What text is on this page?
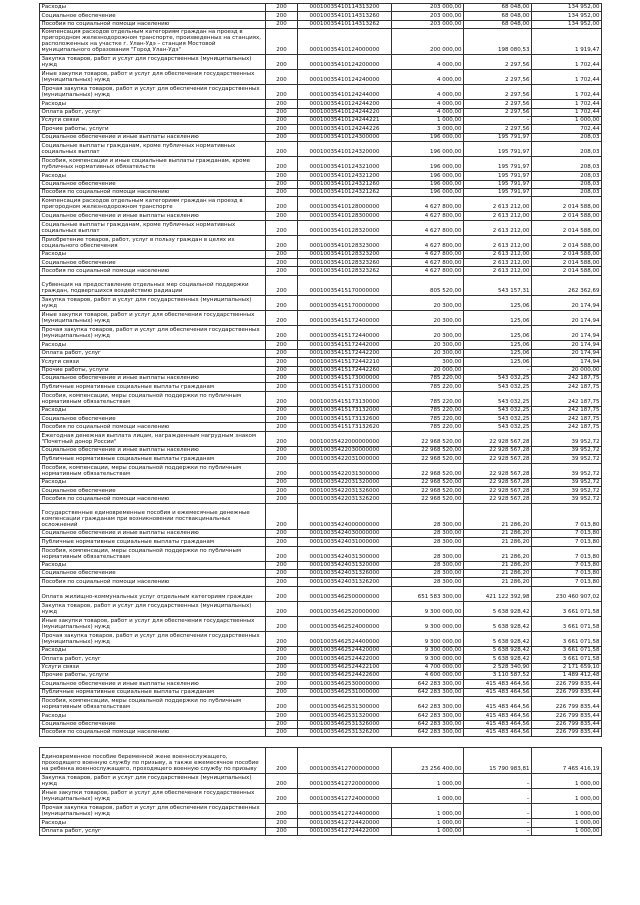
Расходы	200	00010035410114313200	203 000,00	68 048,00	134 952,00
Социальное обеспечение	200	00010035410114313260	203 000,00	68 048,00	134 952,00
Пособия по социальной помощи населению	200	00010035410114313262	203 000,00	68 048,00	134 952,00
Компенсация расходов отдельным категориям граждан на проезд в пригородном железнодорожном транспорте, произведенных на станциях, расположенных на участке г. Улан-Удэ – станция Мостовой муниципального образования "Город Улан-Удэ"	200	00010035410124000000	200 000,00	198 080,53	1 919,47
Закупка товаров, работ и услуг для государственных (муниципальных) нужд	200	00010035410124200000	4 000,00	2 297,56	1 702,44
Иные закупки товаров, работ и услуг для обеспечения государственных (муниципальных) нужд	200	00010035410124240000	4 000,00	2 297,56	1 702,44
Прочая закупка товаров, работ и услуг для обеспечения государственных (муниципальных) нужд	200	00010035410124244000	4 000,00	2 297,56	1 702,44
Расходы	200	00010035410124244200	4 000,00	2 297,56	1 702,44
Оплата работ, услуг	200	00010035410124244220	4 000,00	2 297,56	1 702,44
Услуги связи	200	00010035410124244221	1 000,00	–	1 000,00
Прочие работы, услуги	200	00010035410124244226	3 000,00	2 297,56	702,44
Социальное обеспечение и иные выплаты населению	200	00010035410124300000	196 000,00	195 791,97	208,03
Социальные выплаты гражданам, кроме публичных нормативных социальных выплат	200	00010035410124320000	196 000,00	195 791,97	208,03
Пособия, компенсации и иные социальные выплаты гражданам, кроме публичных нормативных обязательств	200	00010035410124321000	196 000,00	195 791,97	208,03
Расходы	200	00010035410124321200	196 000,00	195 791,97	208,03
Социальное обеспечение	200	00010035410124321260	196 000,00	195 791,97	208,03
Пособия по социальной помощи населению	200	00010035410124321262	196 000,00	195 791,97	208,03
Компенсация расходов отдельным категориям граждан на проезд в пригородном железнодорожном транспорте	200	00010035410128000000	4 627 800,00	2 613 212,00	2 014 588,00
Социальное обеспечение и иные выплаты населению	200	00010035410128300000	4 627 800,00	2 613 212,00	2 014 588,00
Социальные выплаты гражданам, кроме публичных нормативных социальных выплат	200	00010035410128320000	4 627 800,00	2 613 212,00	2 014 588,00
Приобретение товаров, работ, услуг в пользу граждан в целях их социального обеспечения	200	00010035410128323000	4 627 800,00	2 613 212,00	2 014 588,00
Расходы	200	00010035410128323200	4 627 800,00	2 613 212,00	2 014 588,00
Социальное обеспечение	200	00010035410128323260	4 627 800,00	2 613 212,00	2 014 588,00
Пособия по социальной помощи населению	200	00010035410128323262	4 627 800,00	2 613 212,00	2 014 588,00
Субвенция на предоставление отдельных мер социальной поддержки граждан, подвергшихся воздействию радиации	200	00010035415170000000	805 520,00	543 157,31	262 362,69
Закупка товаров, работ и услуг для государственных (муниципальных) нужд	200	00010035415170000000	20 300,00	125,06	20 174,94
Иные закупки товаров, работ и услуг для обеспечения государственных (муниципальных) нужд	200	00010035415172400000	20 300,00	125,06	20 174,94
Прочая закупка товаров, работ и услуг для обеспечения государственных (муниципальных) нужд	200	00010035415172440000	20 300,00	125,06	20 174,94
Расходы	200	00010035415172442000	20 300,00	125,06	20 174,94
Оплата работ, услуг	200	00010035415172442200	20 300,00	125,06	20 174,94
Услуги связи	200	00010035415172442210	300,00	125,06	174,94
Прочие работы, услуги	200	00010035415172442260	20 000,00	–	20 000,00
Социальное обеспечение и иные выплаты населению	200	00010035415173000000	785 220,00	543 032,25	242 187,75
Публичные нормативные социальные выплаты гражданам	200	00010035415173100000	785 220,00	543 032,25	242 187,75
Пособия, компенсации, меры социальной поддержки по публичным нормативным обязательствам	200	00010035415173130000	785 220,00	543 032,25	242 187,75
Расходы	200	00010035415173132000	785 220,00	543 032,25	242 187,75
Социальное обеспечение	200	00010035415173132600	785 220,00	543 032,25	242 187,75
Пособия по социальной помощи населению	200	00010035415173132620	785 220,00	543 032,25	242 187,75
Ежегодная денежная выплата лицам, награжденным нагрудным знаком "Почетный донор России"	200	00010035422000000000	22 968 520,00	22 928 567,28	39 952,72
Социальное обеспечение и иные выплаты населению	200	00010035422030000000	22 968 520,00	22 928 567,28	39 952,72
Публичные нормативные социальные выплаты гражданам	200	00010035422031000000	22 968 520,00	22 928 567,28	39 952,72
Пособия, компенсации, меры социальной поддержки по публичным нормативным обязательствам	200	00010035422031300000	22 968 520,00	22 928 567,28	39 952,72
Расходы	200	00010035422031320000	22 968 520,00	22 928 567,28	39 952,72
Социальное обеспечение	200	00010035422031326000	22 968 520,00	22 928 567,28	39 952,72
Пособия по социальной помощи населению	200	00010035422031326200	22 968 520,00	22 928 567,28	39 952,72
Государственные единовременные пособия и ежемесячные денежные компенсации гражданам при возникновении поствакцинальных осложнений	200	00010035424000000000	28 300,00	21 286,20	7 013,80
Социальное обеспечение и иные выплаты населению	200	00010035424030000000	28 300,00	21 286,20	7 013,80
Публичные нормативные социальные выплаты гражданам	200	00010035424031000000	28 300,00	21 286,20	7 013,80
Пособия, компенсации, меры социальной поддержки по публичным нормативным обязательствам	200	00010035424031300000	28 300,00	21 286,20	7 013,80
Расходы	200	00010035424031320000	28 300,00	21 286,20	7 013,80
Социальное обеспечение	200	00010035424031326000	28 300,00	21 286,20	7 013,80
Пособия по социальной помощи населению	200	00010035424031326200	28 300,00	21 286,20	7 013,80
Оплата жилищно-коммунальных услуг отдельным категориям граждан	200	00010035462500000000	651 583 300,00	421 122 392,98	230 460 907,02
Закупка товаров, работ и услуг для государственных (муниципальных) нужд	200	00010035462520000000	9 300 000,00	5 638 928,42	3 661 071,58
Иные закупки товаров, работ и услуг для обеспечения государственных (муниципальных) нужд	200	00010035462524000000	9 300 000,00	5 638 928,42	3 661 071,58
Прочая закупка товаров, работ и услуг для обеспечения государственных (муниципальных) нужд	200	00010035462524400000	9 300 000,00	5 638 928,42	3 661 071,58
Расходы	200	00010035462524420000	9 300 000,00	5 638 928,42	3 661 071,58
Оплата работ, услуг	200	00010035462524422000	9 300 000,00	5 638 928,42	3 661 071,58
Услуги связи	200	00010035462524422100	4 700 000,00	2 528 340,90	2 171 659,10
Прочие работы, услуги	200	00010035462524422600	4 600 000,00	3 110 587,52	1 489 412,48
Социальное обеспечение и иные выплаты населению	200	00010035462530000000	642 283 300,00	415 483 464,56	226 799 835,44
Публичные нормативные социальные выплаты гражданам	200	00010035462531000000	642 283 300,00	415 483 464,56	226 799 835,44
Пособия, компенсации, меры социальной поддержки по публичным нормативным обязательствам	200	00010035462531300000	642 283 300,00	415 483 464,56	226 799 835,44
Расходы	200	00010035462531320000	642 283 300,00	415 483 464,56	226 799 835,44
Социальное обеспечение	200	00010035462531326000	642 283 300,00	415 483 464,56	226 799 835,44
Пособия по социальной помощи населению	200	00010035462531326200	642 283 300,00	415 483 464,56	226 799 835,44

Единовременное пособие беременной жене военнослужащего, проходящего военную службу по призыву, а также ежемесячное пособие на ребенка военнослужащего, проходящего военную службу по призыву	200	00010035412700000000	23 256 400,00	15 790 983,81	7 465 416,19
Закупка товаров, работ и услуг для государственных (муниципальных) нужд	200	00010035412720000000	1 000,00	–	1 000,00
Иные закупки товаров, работ и услуг для обеспечения государственных (муниципальных) нужд	200	00010035412724000000	1 000,00	–	1 000,00
Прочая закупка товаров, работ и услуг для обеспечения государственных (муниципальных) нужд	200	00010035412724400000	1 000,00	–	1 000,00
Расходы	200	00010035412724420000	1 000,00	–	1 000,00
Оплата работ, услуг	200	00010035412724422000	1 000,00	–	1 000,00
